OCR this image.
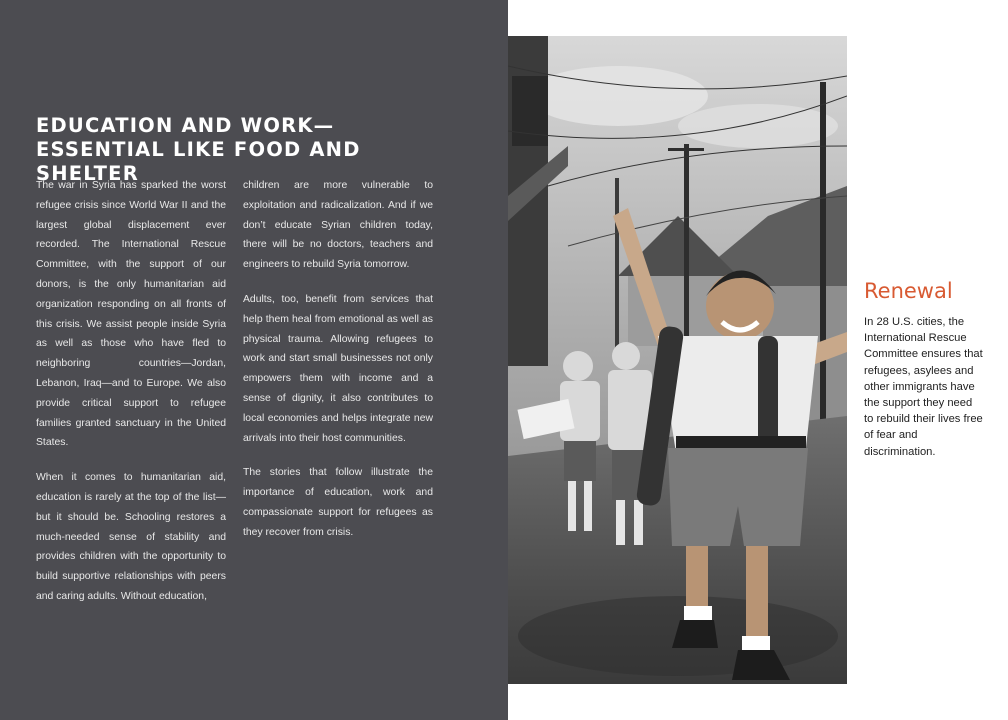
EDUCATION AND WORK—ESSENTIAL LIKE FOOD AND SHELTER

The war in Syria has sparked the worst refugee crisis since World War II and the largest global displacement ever recorded. The International Rescue Committee, with the support of our donors, is the only humanitarian aid organization responding on all fronts of this crisis. We assist people inside Syria as well as those who have fled to neighboring countries—Jordan, Lebanon, Iraq—and to Europe. We also provide critical support to refugee families granted sanctuary in the United States.

When it comes to humanitarian aid, education is rarely at the top of the list—but it should be. Schooling restores a much-needed sense of stability and provides children with the opportunity to build supportive relationships with peers and caring adults. Without education,

children are more vulnerable to exploitation and radicalization. And if we don’t educate Syrian children today, there will be no doctors, teachers and engineers to rebuild Syria tomorrow.

Adults, too, benefit from services that help them heal from emotional as well as physical trauma. Allowing refugees to work and start small businesses not only empowers them with income and a sense of dignity, it also contributes to local economies and helps integrate new arrivals into their host communities.

The stories that follow illustrate the importance of education, work and compassionate support for refugees as they recover from crisis.

Renewal

In 28 U.S. cities, the International Rescue Committee ensures that refugees, asylees and other immigrants have the support they need to rebuild their lives free of fear and discrimination.
